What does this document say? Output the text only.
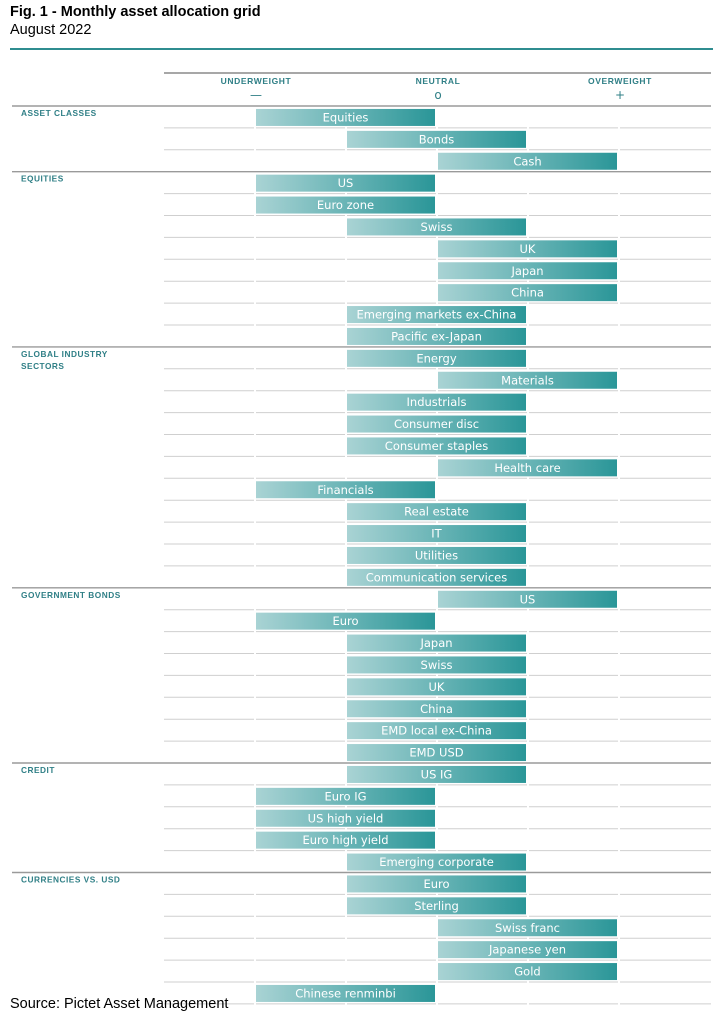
Fig. 1 - Monthly asset allocation grid
August 2022
UNDERWEIGHT
—
NEUTRAL
o
OVERWEIGHT
+
ASSET CLASSES
EQUITIES
GLOBAL INDUSTRY SECTORS
GOVERNMENT BONDS
CREDIT
CURRENCIES VS. USD
Equities
Bonds
Cash
US
Euro zone
Swiss
UK
Japan
China
Emerging markets ex-China
Pacific ex-Japan
Energy
Materials
Industrials
Consumer disc
Consumer staples
Health care
Financials
Real estate
IT
Utilities
Communication services
US
Euro
Japan
Swiss
UK
China
EMD local ex-China
EMD USD
US IG
Euro IG
US high yield
Euro high yield
Emerging corporate
Euro
Sterling
Swiss franc
Japanese yen
Gold
Chinese renminbi
Source: Pictet Asset Management
